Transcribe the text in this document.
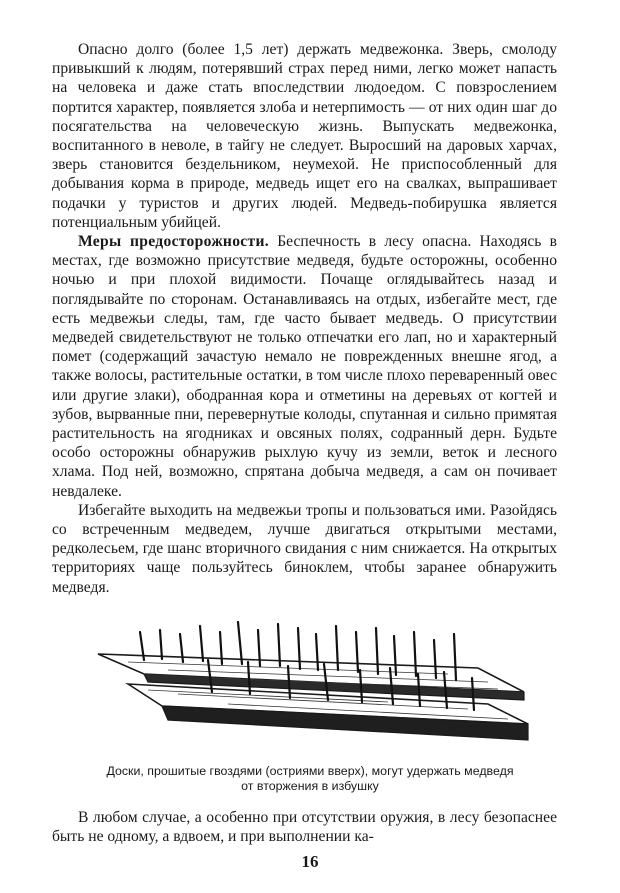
Опасно долго (более 1,5 лет) держать медвежонка. Зверь, смолоду привыкший к людям, потерявший страх перед ними, легко может напасть на человека и даже стать впоследствии людоедом. С повзрослением портится характер, появляется злоба и нетерпимость — от них один шаг до посягательства на человеческую жизнь. Выпускать медвежонка, воспитанного в неволе, в тайгу не следует. Выросший на даровых харчах, зверь становится бездельником, неумехой. Не приспособленный для добывания корма в природе, медведь ищет его на свалках, выпрашивает подачки у туристов и других людей. Медведь-побирушка является потенциальным убийцей.

Меры предосторожности. Беспечность в лесу опасна. Находясь в местах, где возможно присутствие медведя, будьте осторожны, особенно ночью и при плохой видимости. Почаще оглядывайтесь назад и поглядывайте по сторонам. Останавливаясь на отдых, избегайте мест, где есть медвежьи следы, там, где часто бывает медведь. О присутствии медведей свидетельствуют не только отпечатки его лап, но и характерный помет (содержащий зачастую немало не поврежденных внешне ягод, а также волосы, растительные остатки, в том числе плохо переваренный овес или другие злаки), ободранная кора и отметины на деревьях от когтей и зубов, вырванные пни, перевернутые колоды, спутанная и сильно примятая растительность на ягодниках и овсяных полях, содранный дерн. Будьте особо осторожны обнаружив рыхлую кучу из земли, веток и лесного хлама. Под ней, возможно, спрятана добыча медведя, а сам он почивает невдалеке.

Избегайте выходить на медвежьи тропы и пользоваться ими. Разойдясь со встреченным медведем, лучше двигаться открытыми местами, редколесьем, где шанс вторичного свидания с ним снижается. На открытых территориях чаще пользуйтесь биноклем, чтобы заранее обнаружить медведя.

Доски, прошитые гвоздями (остриями вверх), могут удержать медведя
от вторжения в избушку

В любом случае, а особенно при отсутствии оружия, в лесу безопаснее быть не одному, а вдвоем, и при выполнении ка-

16
